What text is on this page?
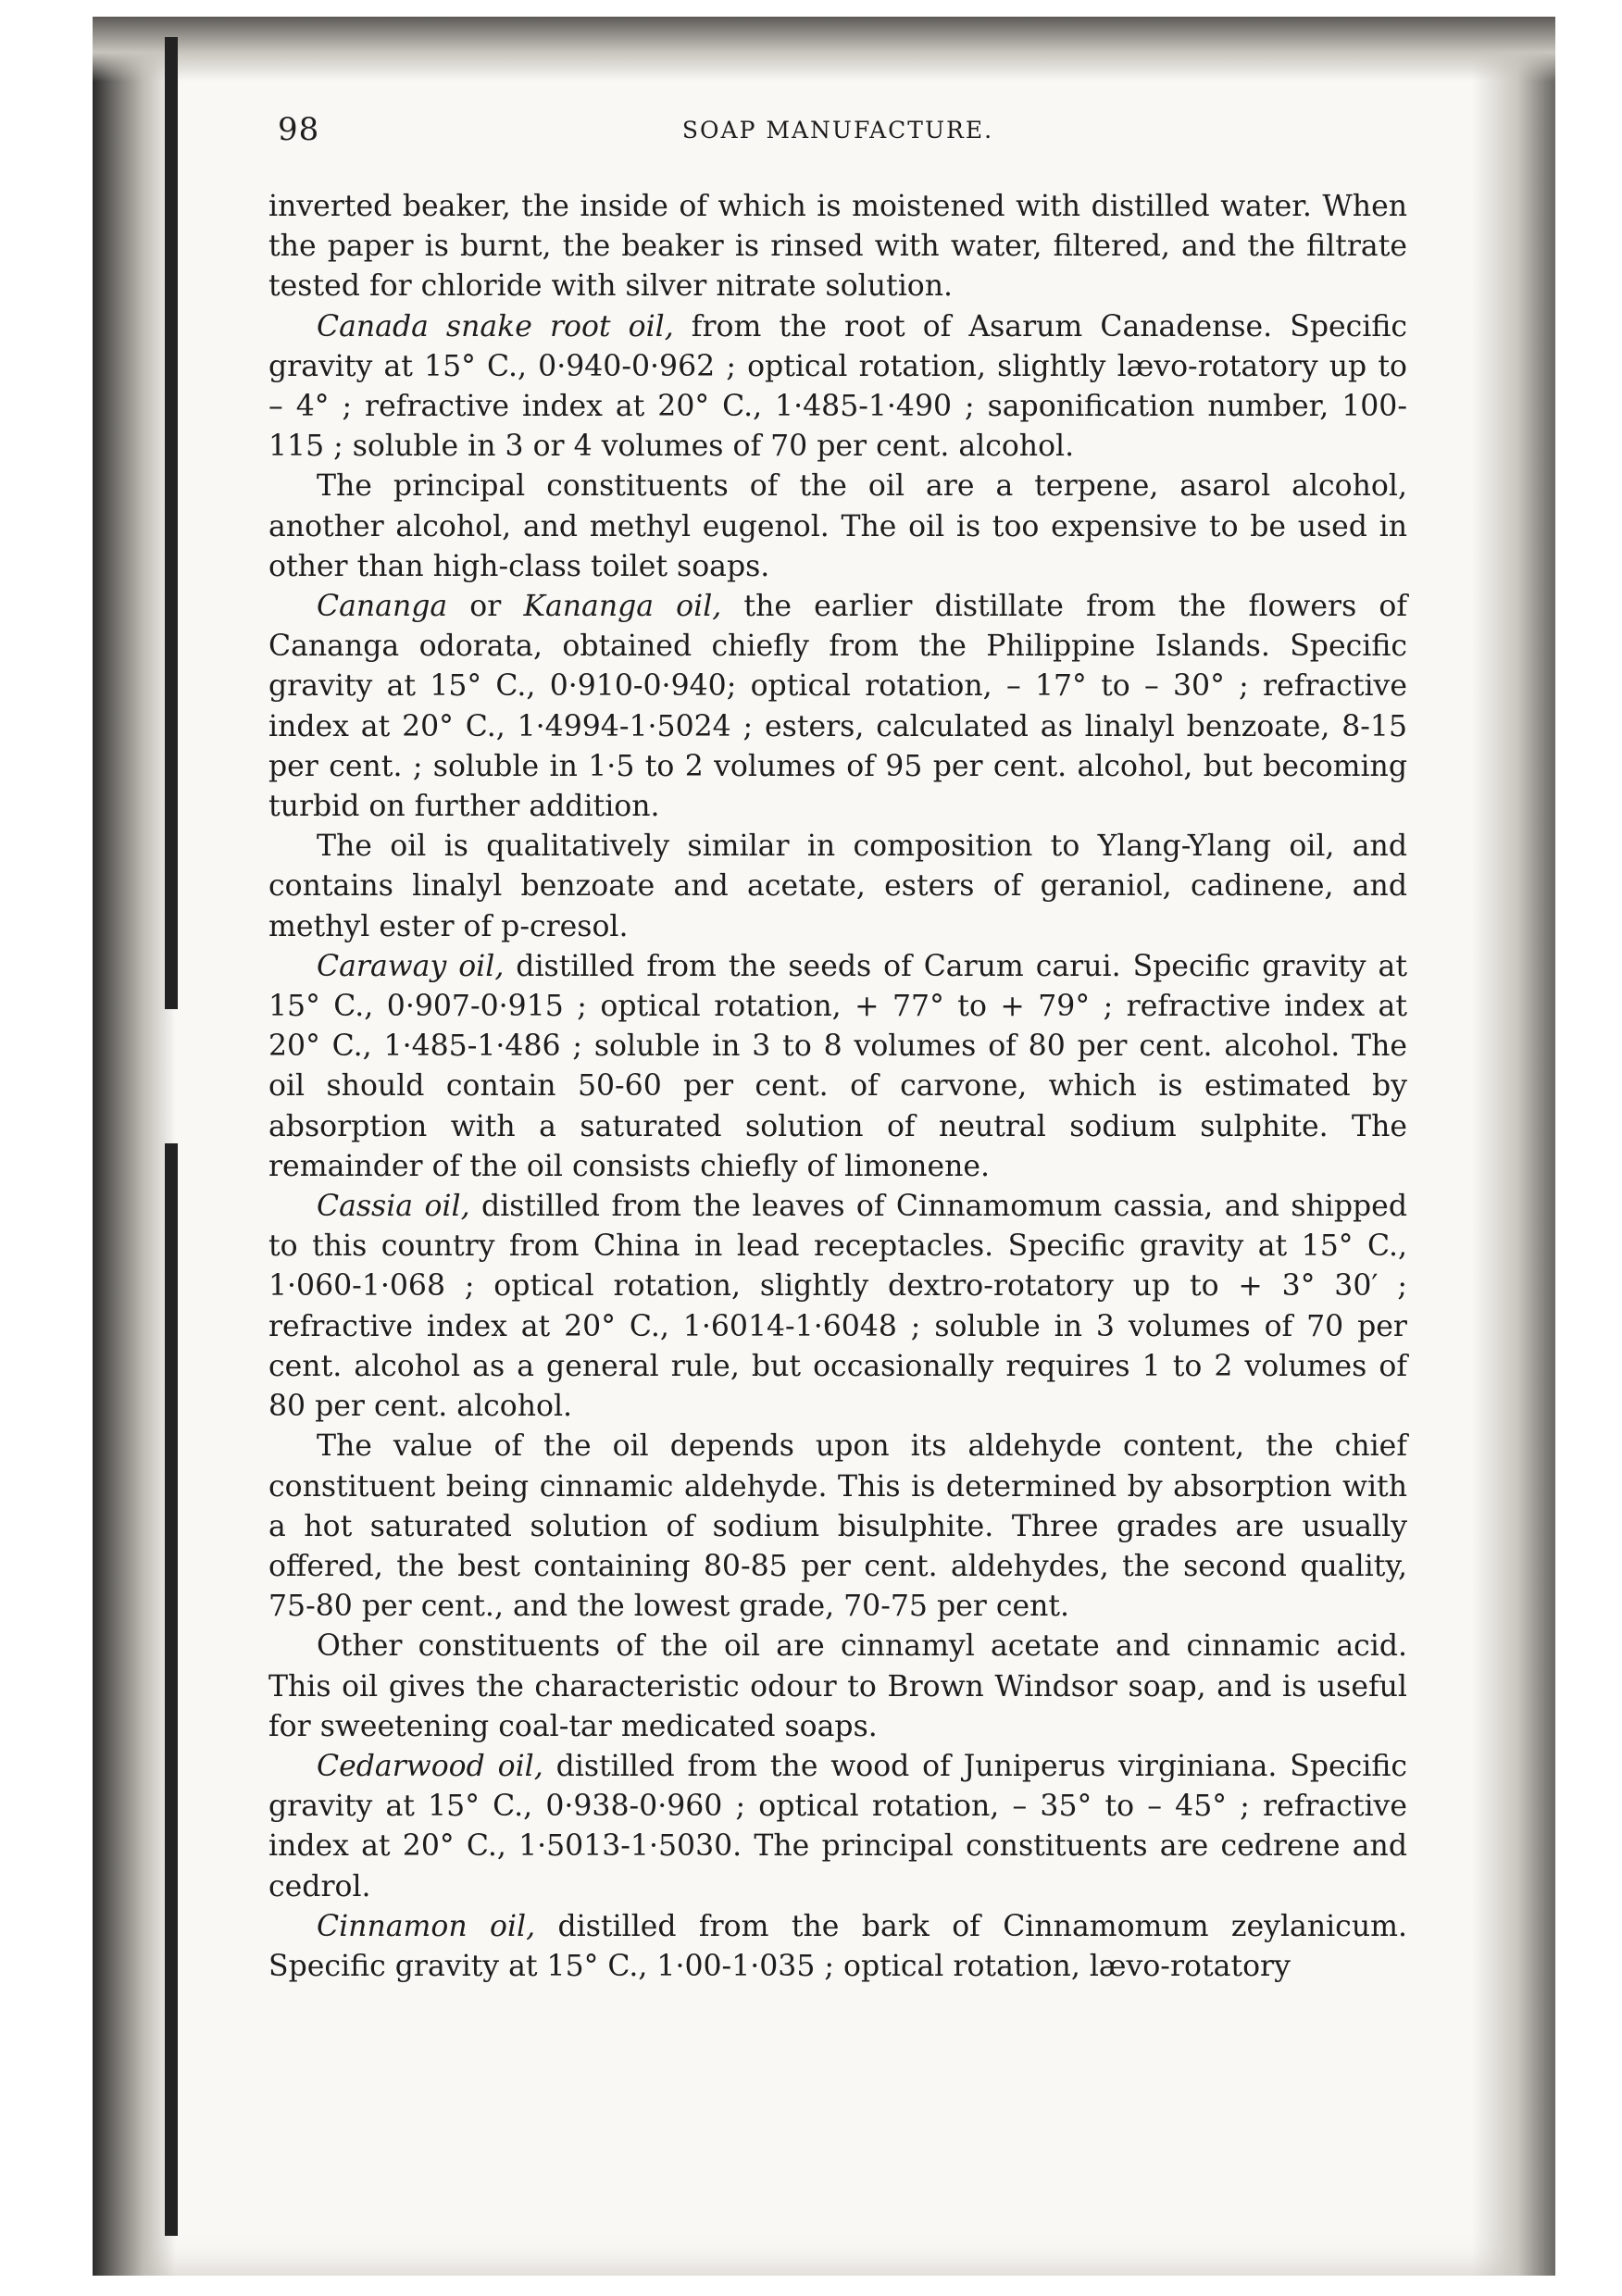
98	SOAP MANUFACTURE.

inverted beaker, the inside of which is moistened with distilled water. When the paper is burnt, the beaker is rinsed with water, filtered, and the filtrate tested for chloride with silver nitrate solution.

Canada snake root oil, from the root of Asarum Canadense. Specific gravity at 15° C., 0·940-0·962 ; optical rotation, slightly lævo-rotatory up to – 4° ; refractive index at 20° C., 1·485-1·490 ; saponification number, 100-115 ; soluble in 3 or 4 volumes of 70 per cent. alcohol.

The principal constituents of the oil are a terpene, asarol alcohol, another alcohol, and methyl eugenol. The oil is too expensive to be used in other than high-class toilet soaps.

Cananga or Kananga oil, the earlier distillate from the flowers of Cananga odorata, obtained chiefly from the Philippine Islands. Specific gravity at 15° C., 0·910-0·940; optical rotation, – 17° to – 30° ; refractive index at 20° C., 1·4994-1·5024 ; esters, calculated as linalyl benzoate, 8-15 per cent. ; soluble in 1·5 to 2 volumes of 95 per cent. alcohol, but becoming turbid on further addition.

The oil is qualitatively similar in composition to Ylang-Ylang oil, and contains linalyl benzoate and acetate, esters of geraniol, cadinene, and methyl ester of p-cresol.

Caraway oil, distilled from the seeds of Carum carui. Specific gravity at 15° C., 0·907-0·915 ; optical rotation, + 77° to + 79° ; refractive index at 20° C., 1·485-1·486 ; soluble in 3 to 8 volumes of 80 per cent. alcohol. The oil should contain 50-60 per cent. of carvone, which is estimated by absorption with a saturated solution of neutral sodium sulphite. The remainder of the oil consists chiefly of limonene.

Cassia oil, distilled from the leaves of Cinnamomum cassia, and shipped to this country from China in lead receptacles. Specific gravity at 15° C., 1·060-1·068 ; optical rotation, slightly dextro-rotatory up to + 3° 30′ ; refractive index at 20° C., 1·6014-1·6048 ; soluble in 3 volumes of 70 per cent. alcohol as a general rule, but occasionally requires 1 to 2 volumes of 80 per cent. alcohol.

The value of the oil depends upon its aldehyde content, the chief constituent being cinnamic aldehyde. This is determined by absorption with a hot saturated solution of sodium bisulphite. Three grades are usually offered, the best containing 80-85 per cent. aldehydes, the second quality, 75-80 per cent., and the lowest grade, 70-75 per cent.

Other constituents of the oil are cinnamyl acetate and cinnamic acid. This oil gives the characteristic odour to Brown Windsor soap, and is useful for sweetening coal-tar medicated soaps.

Cedarwood oil, distilled from the wood of Juniperus virginiana. Specific gravity at 15° C., 0·938-0·960 ; optical rotation, – 35° to – 45° ; refractive index at 20° C., 1·5013-1·5030. The principal constituents are cedrene and cedrol.

Cinnamon oil, distilled from the bark of Cinnamomum zeylanicum. Specific gravity at 15° C., 1·00-1·035 ; optical rotation, lævo-rotatory
